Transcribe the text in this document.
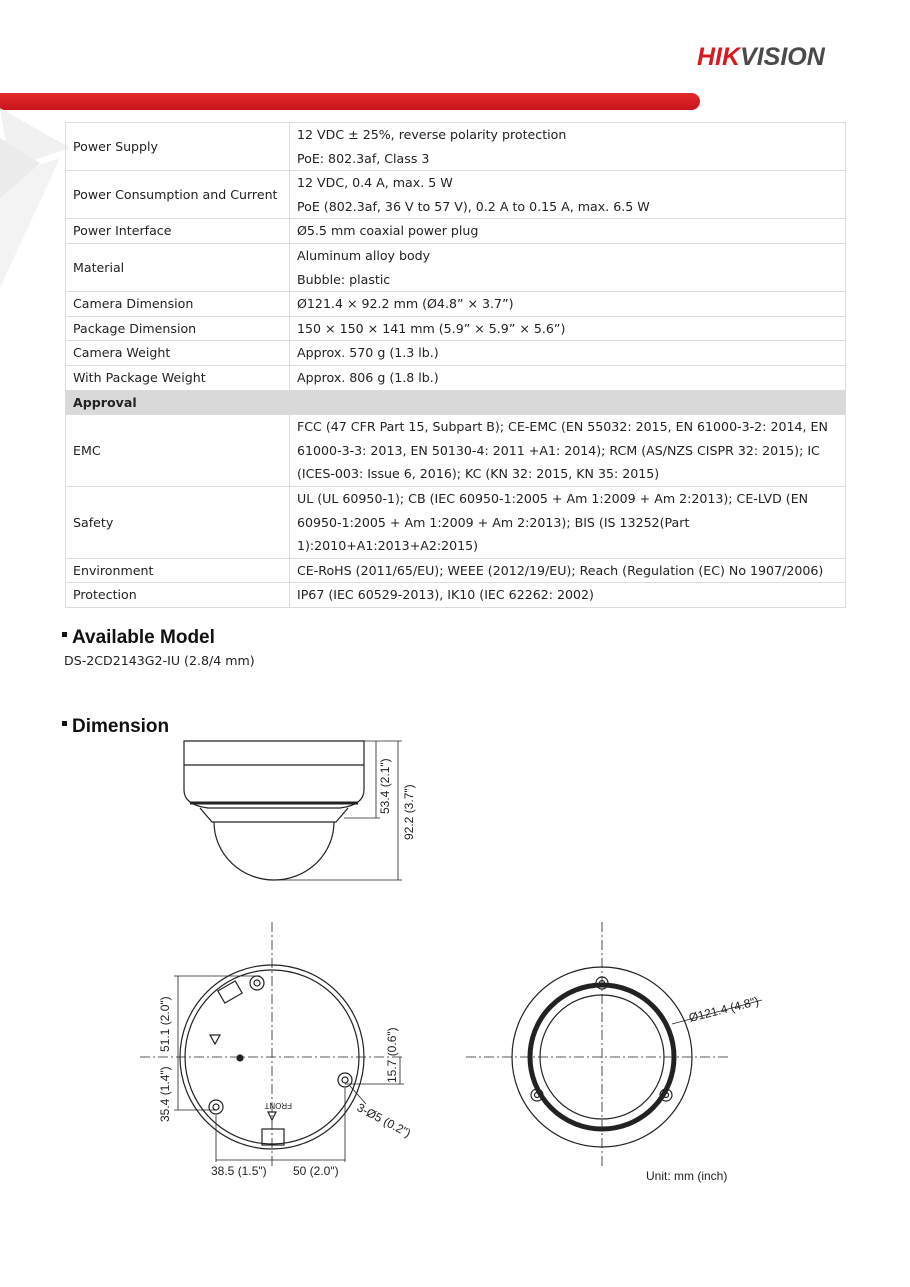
HIKVISION
Power Supply	12 VDC ± 25%, reverse polarity protection
PoE: 802.3af, Class 3

Power Consumption and Current	12 VDC, 0.4 A, max. 5 W
PoE (802.3af, 36 V to 57 V), 0.2 A to 0.15 A, max. 6.5 W

Power Interface	Ø5.5 mm coaxial power plug

Material	Aluminum alloy body
Bubble: plastic

Camera Dimension	Ø121.4 × 92.2 mm (Ø4.8” × 3.7”)

Package Dimension	150 × 150 × 141 mm (5.9” × 5.9” × 5.6”)

Camera Weight	Approx. 570 g (1.3 lb.)

With Package Weight	Approx. 806 g (1.8 lb.)

Approval	
EMC	FCC (47 CFR Part 15, Subpart B); CE-EMC (EN 55032: 2015, EN 61000-3-2: 2014, EN
61000-3-3: 2013, EN 50130-4: 2011 +A1: 2014); RCM (AS/NZS CISPR 32: 2015); IC
(ICES-003: Issue 6, 2016); KC (KN 32: 2015, KN 35: 2015)

Safety	UL (UL 60950-1); CB (IEC 60950-1:2005 + Am 1:2009 + Am 2:2013); CE-LVD (EN
60950-1:2005 + Am 1:2009 + Am 2:2013); BIS (IS 13252(Part
1):2010+A1:2013+A2:2015)

Environment	CE-RoHS (2011/65/EU); WEEE (2012/19/EU); Reach (Regulation (EC) No 1907/2006)

Protection	IP67 (IEC 60529-2013), IK10 (IEC 62262: 2002)
Available Model
DS-2CD2143G2-IU (2.8/4 mm)
Dimension
53.4 (2.1") 92.2 (3.7")
51.1 (2.0")
35.4 (1.4")
15.7 (0.6")
3-Ø5 (0.2")
38.5 (1.5") 50 (2.0")
FRONT
Ø121.4 (4.8")
Unit: mm (inch)
